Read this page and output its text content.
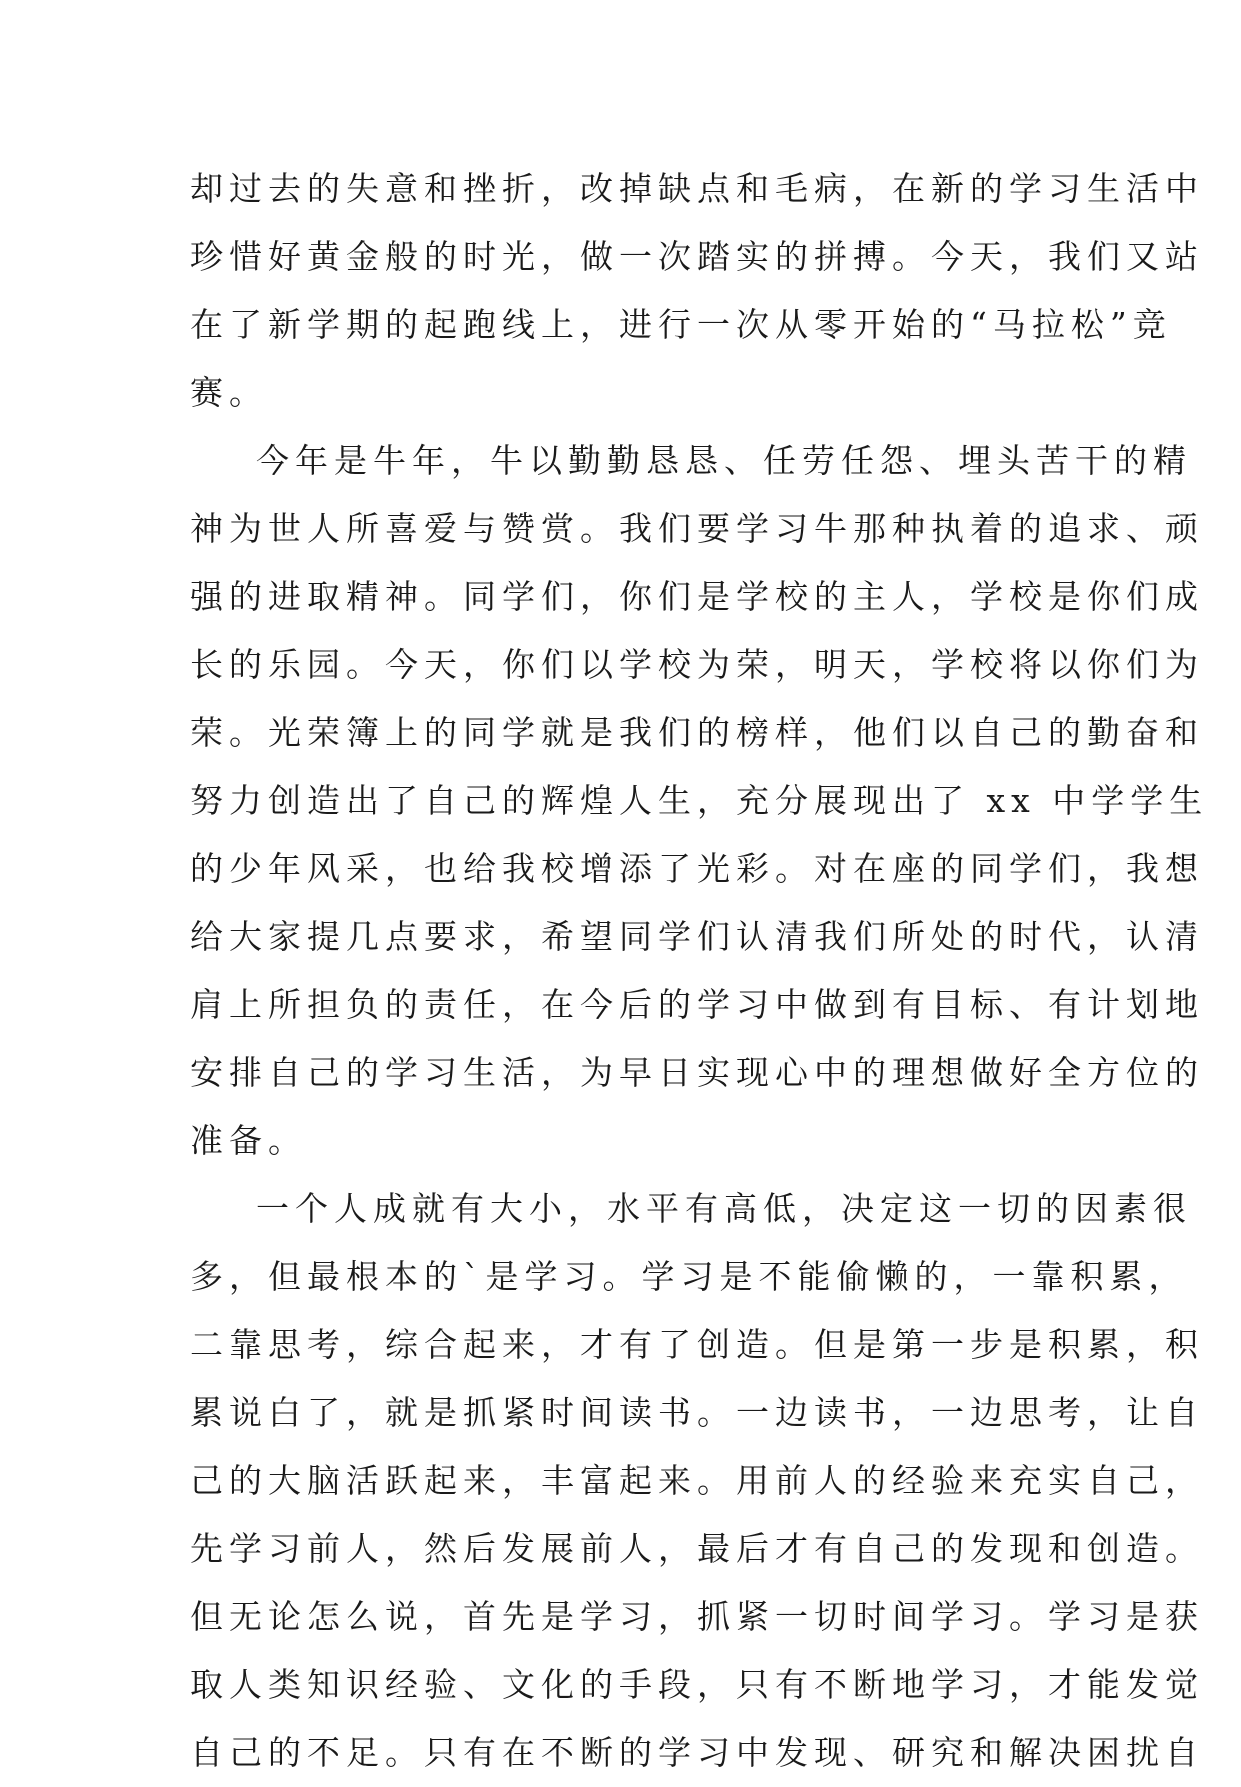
却过去的失意和挫折，改掉缺点和毛病，在新的学习生活中
珍惜好黄金般的时光，做一次踏实的拼搏。今天，我们又站
在了新学期的起跑线上，进行一次从零开始的“马拉松”竞
赛。
今年是牛年，牛以勤勤恳恳、任劳任怨、埋头苦干的精
神为世人所喜爱与赞赏。我们要学习牛那种执着的追求、顽
强的进取精神。同学们，你们是学校的主人，学校是你们成
长的乐园。今天，你们以学校为荣，明天，学校将以你们为
荣。光荣簿上的同学就是我们的榜样，他们以自己的勤奋和
努力创造出了自己的辉煌人生，充分展现出了 xx 中学学生
的少年风采，也给我校增添了光彩。对在座的同学们，我想
给大家提几点要求，希望同学们认清我们所处的时代，认清
肩上所担负的责任，在今后的学习中做到有目标、有计划地
安排自己的学习生活，为早日实现心中的理想做好全方位的
准备。
一个人成就有大小，水平有高低，决定这一切的因素很
多，但最根本的`是学习。学习是不能偷懒的，一靠积累，
二靠思考，综合起来，才有了创造。但是第一步是积累，积
累说白了，就是抓紧时间读书。一边读书，一边思考，让自
己的大脑活跃起来，丰富起来。用前人的经验来充实自己，
先学习前人，然后发展前人，最后才有自己的发现和创造。
但无论怎么说，首先是学习，抓紧一切时间学习。学习是获
取人类知识经验、文化的手段，只有不断地学习，才能发觉
自己的不足。只有在不断的学习中发现、研究和解决困扰自
